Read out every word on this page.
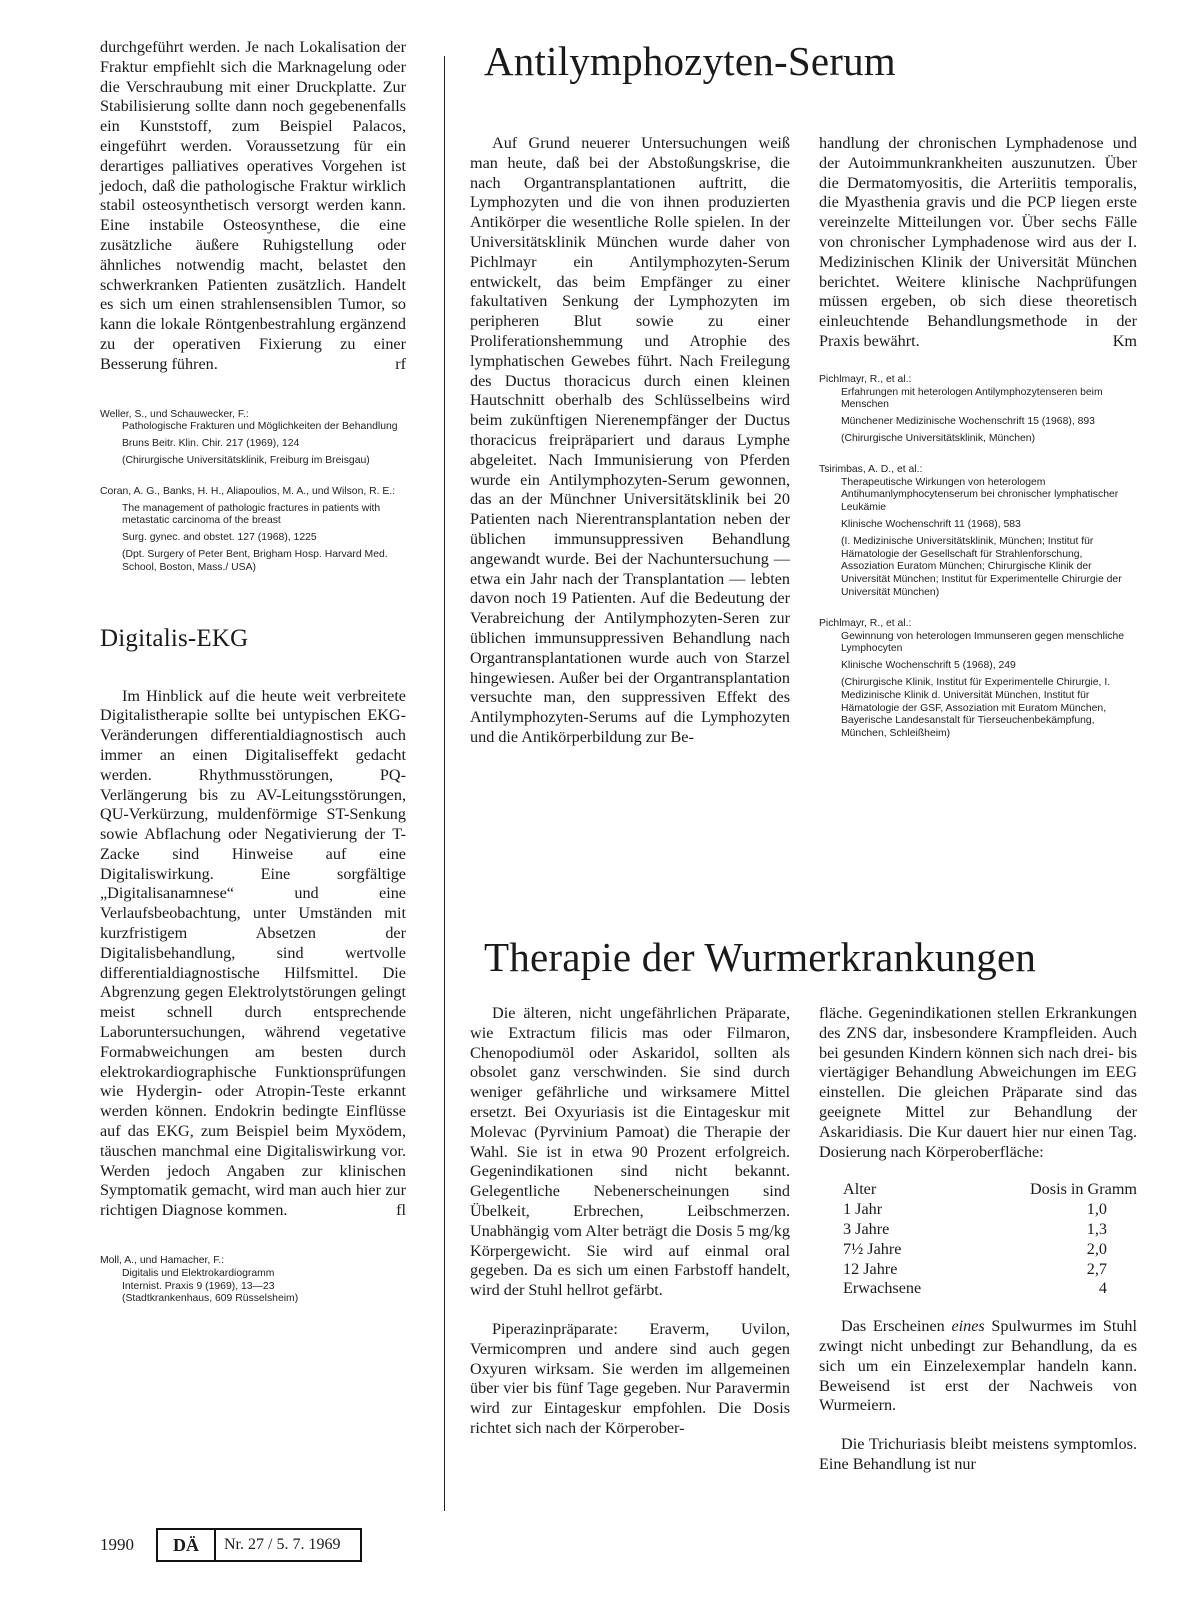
durchgeführt werden. Je nach Lokalisation der Fraktur empfiehlt sich die Marknagelung oder die Verschraubung mit einer Druckplatte. Zur Stabilisierung sollte dann noch gegebenenfalls ein Kunststoff, zum Beispiel Palacos, eingeführt werden. Voraussetzung für ein derartiges palliatives operatives Vorgehen ist jedoch, daß die pathologische Fraktur wirklich stabil osteosynthetisch versorgt werden kann. Eine instabile Osteosynthese, die eine zusätzliche äußere Ruhigstellung oder ähnliches notwendig macht, belastet den schwerkranken Patienten zusätzlich. Handelt es sich um einen strahlensensiblen Tumor, so kann die lokale Röntgenbestrahlung ergänzend zu der operativen Fixierung zu einer Besserung führen.	rf

Weller, S., und Schauwecker, F.:
Pathologische Frakturen und Möglichkeiten der Behandlung
Bruns Beitr. Klin. Chir. 217 (1969), 124
(Chirurgische Universitätsklinik, Freiburg im Breisgau)
Coran, A. G., Banks, H. H., Aliapoulios, M. A., und Wilson, R. E.:
The management of pathologic fractures in patients with metastatic carcinoma of the breast
Surg. gynec. and obstet. 127 (1968), 1225
(Dpt. Surgery of Peter Bent, Brigham Hosp. Harvard Med. School, Boston, Mass./ USA)
Digitalis-EKG

Im Hinblick auf die heute weit verbreitete Digitalistherapie sollte bei untypischen EKG-Veränderungen differentialdiagnostisch auch immer an einen Digitaliseffekt gedacht werden. Rhythmusstörungen, PQ-Verlängerung bis zu AV-Leitungsstörungen, QU-Verkürzung, muldenförmige ST-Senkung sowie Abflachung oder Negativierung der T-Zacke sind Hinweise auf eine Digitaliswirkung. Eine sorgfältige „Digitalisanamnese“ und eine Verlaufsbeobachtung, unter Umständen mit kurzfristigem Absetzen der Digitalisbehandlung, sind wertvolle differentialdiagnostische Hilfsmittel. Die Abgrenzung gegen Elektrolytstörungen gelingt meist schnell durch entsprechende Laboruntersuchungen, während vegetative Formabweichungen am besten durch elektrokardiographische Funktionsprüfungen wie Hydergin- oder Atropin-Teste erkannt werden können. Endokrin bedingte Einflüsse auf das EKG, zum Beispiel beim Myxödem, täuschen manchmal eine Digitaliswirkung vor. Werden jedoch Angaben zur klinischen Symptomatik gemacht, wird man auch hier zur richtigen Diagnose kommen.	fl

Moll, A., und Hamacher, F.:
Digitalis und Elektrokardiogramm
Internist. Praxis 9 (1969), 13—23
(Stadtkrankenhaus, 609 Rüsselsheim)
Antilymphozyten-Serum

Auf Grund neuerer Untersuchungen weiß man heute, daß bei der Abstoßungskrise, die nach Organtransplantationen auftritt, die Lymphozyten und die von ihnen produzierten Antikörper die wesentliche Rolle spielen. In der Universitätsklinik München wurde daher von Pichlmayr ein Antilymphozyten-Serum entwickelt, das beim Empfänger zu einer fakultativen Senkung der Lymphozyten im peripheren Blut sowie zu einer Proliferationshemmung und Atrophie des lymphatischen Gewebes führt. Nach Freilegung des Ductus thoracicus durch einen kleinen Hautschnitt oberhalb des Schlüsselbeins wird beim zukünftigen Nierenempfänger der Ductus thoracicus freipräpariert und daraus Lymphe abgeleitet. Nach Immunisierung von Pferden wurde ein Antilymphozyten-Serum gewonnen, das an der Münchner Universitätsklinik bei 20 Patienten nach Nierentransplantation neben der üblichen immunsuppressiven Behandlung angewandt wurde. Bei der Nachuntersuchung — etwa ein Jahr nach der Transplantation — lebten davon noch 19 Patienten. Auf die Bedeutung der Verabreichung der Antilymphozyten-Seren zur üblichen immunsuppressiven Behandlung nach Organtransplantationen wurde auch von Starzel hingewiesen. Außer bei der Organtransplantation versuchte man, den suppressiven Effekt des Antilymphozyten-Serums auf die Lymphozyten und die Antikörperbildung zur Be-

handlung der chronischen Lymphadenose und der Autoimmunkrankheiten auszunutzen. Über die Dermatomyositis, die Arteriitis temporalis, die Myasthenia gravis und die PCP liegen erste vereinzelte Mitteilungen vor. Über sechs Fälle von chronischer Lymphadenose wird aus der I. Medizinischen Klinik der Universität München berichtet. Weitere klinische Nachprüfungen müssen ergeben, ob sich diese theoretisch einleuchtende Behandlungsmethode in der Praxis bewährt.	Km

Pichlmayr, R., et al.:
Erfahrungen mit heterologen Antilymphozytenseren beim Menschen
Münchener Medizinische Wochenschrift 15 (1968), 893
(Chirurgische Universitätsklinik, München)
Tsirimbas, A. D., et al.:
Therapeutische Wirkungen von heterologem Antihumanlymphocytenserum bei chronischer lymphatischer Leukämie
Klinische Wochenschrift 11 (1968), 583
(I. Medizinische Universitätsklinik, München; Institut für Hämatologie der Gesellschaft für Strahlenforschung, Assoziation Euratom München; Chirurgische Klinik der Universität München; Institut für Experimentelle Chirurgie der Universität München)
Pichlmayr, R., et al.:
Gewinnung von heterologen Immunseren gegen menschliche Lymphocyten
Klinische Wochenschrift 5 (1968), 249
(Chirurgische Klinik, Institut für Experimentelle Chirurgie, I. Medizinische Klinik d. Universität München, Institut für Hämatologie der GSF, Assoziation mit Euratom München, Bayerische Landesanstalt für Tierseuchenbekämpfung, München, Schleißheim)
Therapie der Wurmerkrankungen

Die älteren, nicht ungefährlichen Präparate, wie Extractum filicis mas oder Filmaron, Chenopodiumöl oder Askaridol, sollten als obsolet ganz verschwinden. Sie sind durch weniger gefährliche und wirksamere Mittel ersetzt. Bei Oxyuriasis ist die Eintageskur mit Molevac (Pyrvinium Pamoat) die Therapie der Wahl. Sie ist in etwa 90 Prozent erfolgreich. Gegenindikationen sind nicht bekannt. Gelegentliche Nebenerscheinungen sind Übelkeit, Erbrechen, Leibschmerzen. Unabhängig vom Alter beträgt die Dosis 5 mg/kg Körpergewicht. Sie wird auf einmal oral gegeben. Da es sich um einen Farbstoff handelt, wird der Stuhl hellrot gefärbt.

Piperazinpräparate: Eraverm, Uvilon, Vermicompren und andere sind auch gegen Oxyuren wirksam. Sie werden im allgemeinen über vier bis fünf Tage gegeben. Nur Paravermin wird zur Eintageskur empfohlen. Die Dosis richtet sich nach der Körperober-

fläche. Gegenindikationen stellen Erkrankungen des ZNS dar, insbesondere Krampfleiden. Auch bei gesunden Kindern können sich nach drei- bis viertägiger Behandlung Abweichungen im EEG einstellen. Die gleichen Präparate sind das geeignete Mittel zur Behandlung der Askaridiasis. Die Kur dauert hier nur einen Tag. Dosierung nach Körperoberfläche:

Alter	Dosis in Gramm
1 Jahr	1,0
3 Jahre	1,3
7½ Jahre	2,0
12 Jahre	2,7
Erwachsene	4

Das Erscheinen eines Spulwurmes im Stuhl zwingt nicht unbedingt zur Behandlung, da es sich um ein Einzelexemplar handeln kann. Beweisend ist erst der Nachweis von Wurmeiern.

Die Trichuriasis bleibt meistens symptomlos. Eine Behandlung ist nur

1990	DÄ	Nr. 27 / 5. 7. 1969
